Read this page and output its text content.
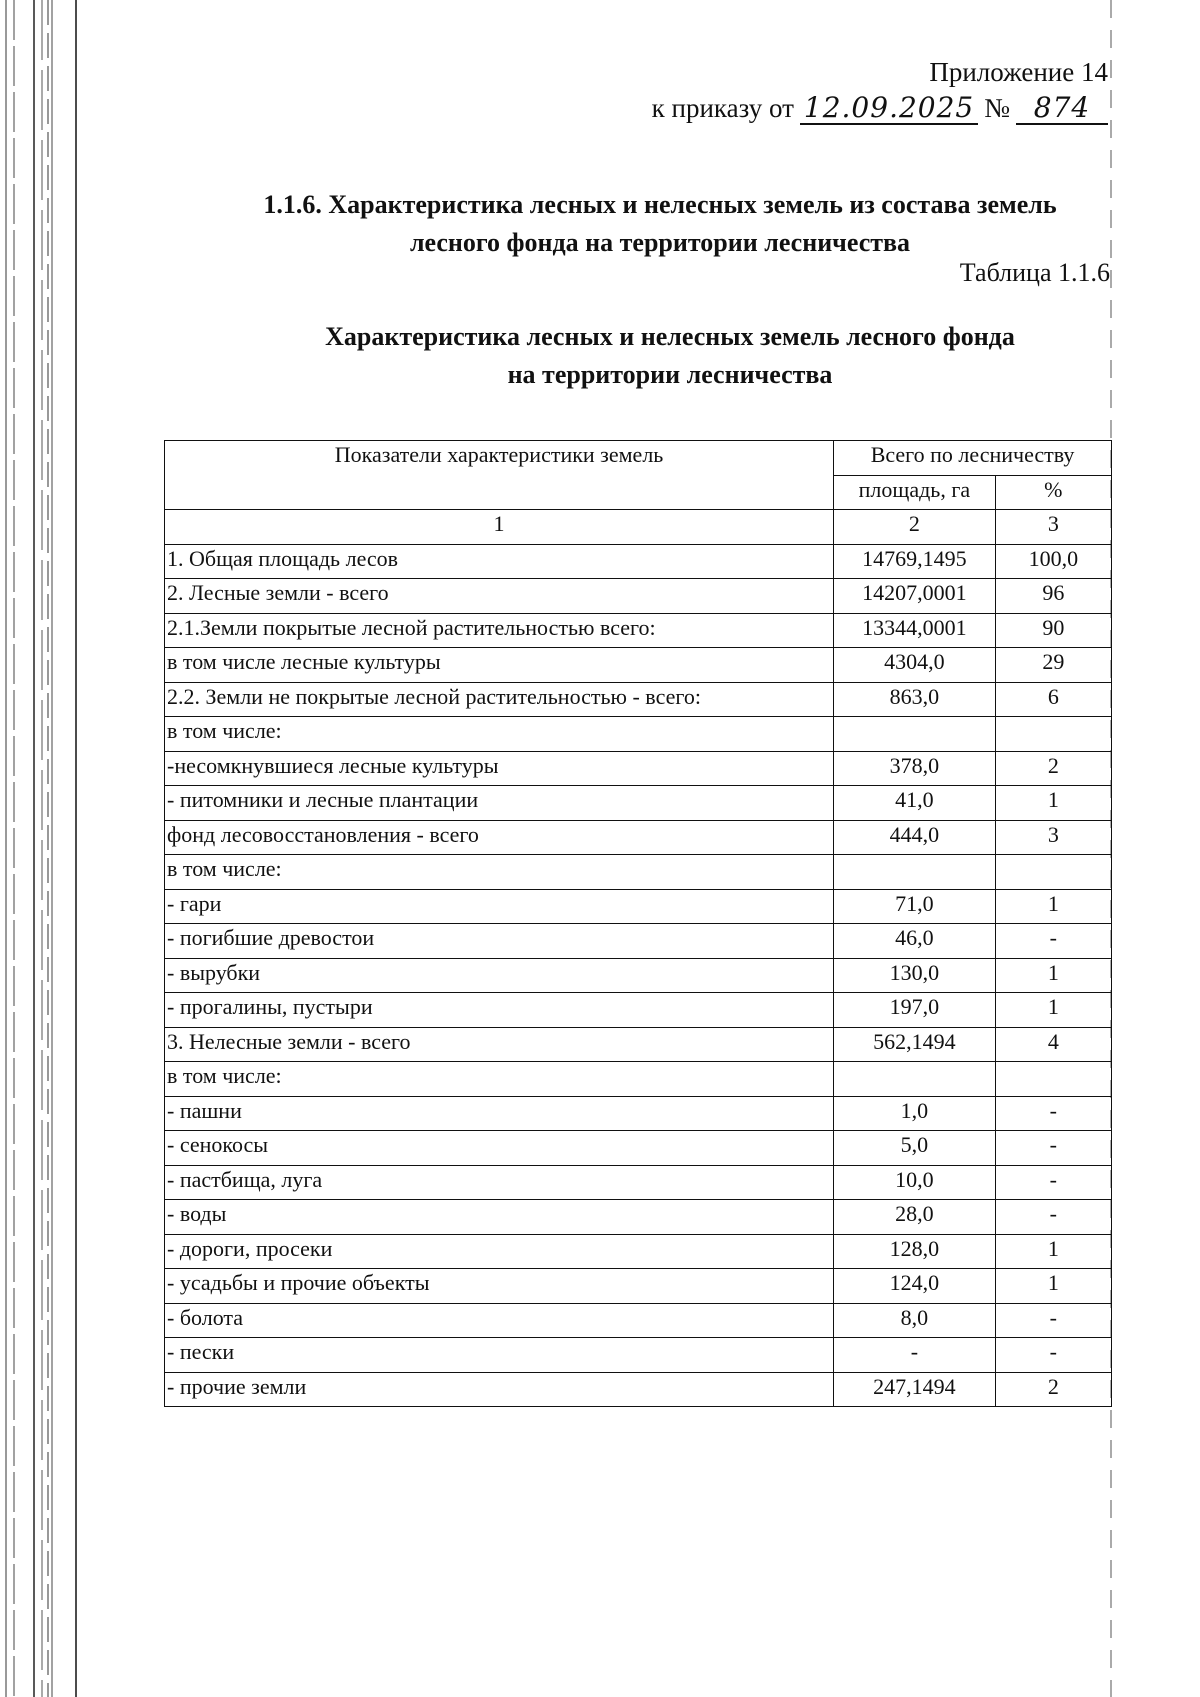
Приложение 14
к приказу от 12.09.2025 № 874
1.1.6. Характеристика лесных и нелесных земель из состава земель
лесного фонда на территории лесничества
Таблица 1.1.6
Характеристика лесных и нелесных земель лесного фонда
на территории лесничества
Показатели характеристики земель	Всего по лесничеству	
	площадь, га	%
1	2	3
1. Общая площадь лесов	14769,1495	100,0
2. Лесные земли - всего	14207,0001	96
2.1.Земли покрытые лесной растительностью всего:	13344,0001	90
в том числе лесные культуры	4304,0	29
2.2. Земли не покрытые лесной растительностью - всего:	863,0	6
в том числе:		
-несомкнувшиеся лесные культуры	378,0	2
- питомники и лесные плантации	41,0	1
фонд лесовосстановления - всего	444,0	3
в том числе:		
- гари	71,0	1
- погибшие древостои	46,0	-
- вырубки	130,0	1
- прогалины, пустыри	197,0	1
3. Нелесные земли - всего	562,1494	4
в том числе:		
- пашни	1,0	-
- сенокосы	5,0	-
- пастбища, луга	10,0	-
- воды	28,0	-
- дороги, просеки	128,0	1
- усадьбы и прочие объекты	124,0	1
- болота	8,0	-
- пески	-	-
- прочие земли	247,1494	2
